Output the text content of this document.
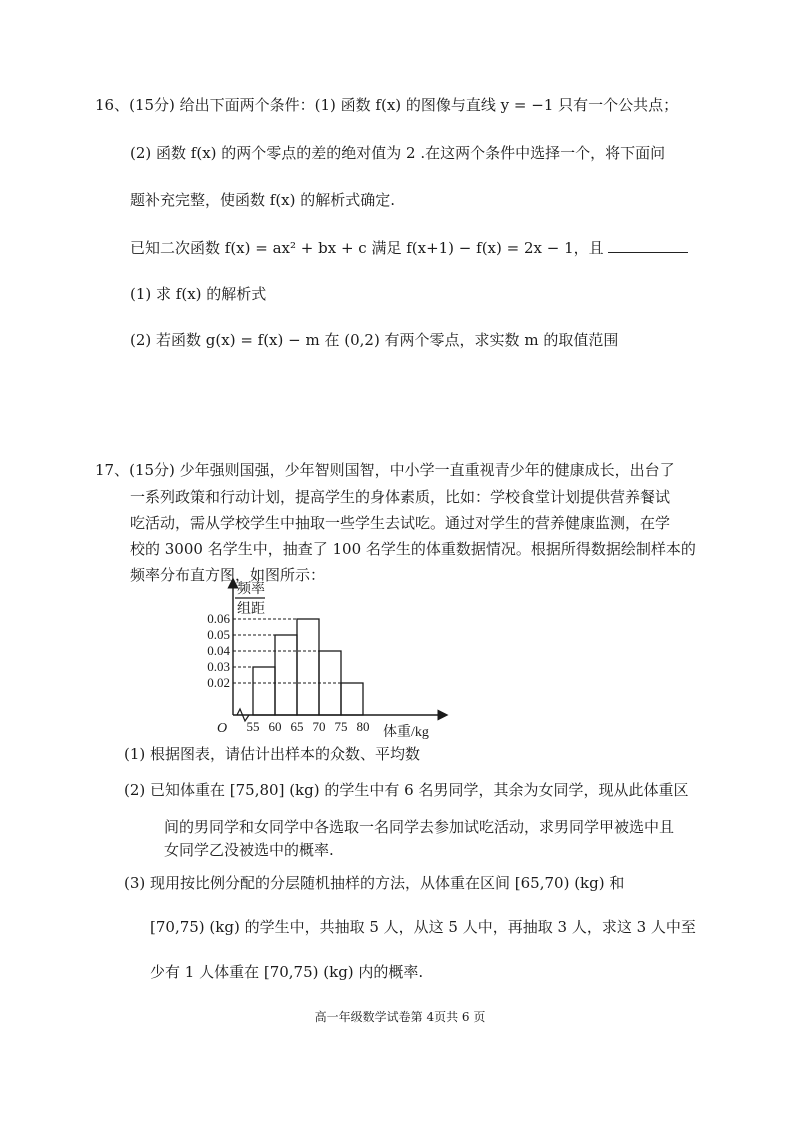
16、(15分) 给出下面两个条件：(1) 函数 f(x) 的图像与直线 y = −1 只有一个公共点；
(2) 函数 f(x) 的两个零点的差的绝对值为 2 .在这两个条件中选择一个，将下面问
题补充完整，使函数 f(x) 的解析式确定.
已知二次函数 f(x) = ax² + bx + c 满足 f(x+1) − f(x) = 2x − 1，且
(1) 求 f(x) 的解析式
(2) 若函数 g(x) = f(x) − m 在 (0,2) 有两个零点，求实数 m 的取值范围
17、(15分) 少年强则国强，少年智则国智，中小学一直重视青少年的健康成长，出台了
一系列政策和行动计划，提高学生的身体素质，比如：学校食堂计划提供营养餐试
吃活动，需从学校学生中抽取一些学生去试吃。通过对学生的营养健康监测，在学
校的 3000 名学生中，抽查了 100 名学生的体重数据情况。根据所得数据绘制样本的
频率分布直方图，如图所示：
0.02
0.03
0.04
0.05
0.06
55 60 65 70 75 80
频率
组距
体重/kg
O
(1) 根据图表，请估计出样本的众数、平均数
(2) 已知体重在 [75,80] (kg) 的学生中有 6 名男同学，其余为女同学，现从此体重区
间的男同学和女同学中各选取一名同学去参加试吃活动，求男同学甲被选中且
女同学乙没被选中的概率.
(3) 现用按比例分配的分层随机抽样的方法，从体重在区间 [65,70) (kg) 和
[70,75) (kg) 的学生中，共抽取 5 人，从这 5 人中，再抽取 3 人，求这 3 人中至
少有 1 人体重在 [70,75) (kg) 内的概率.
高一年级数学试卷第 4页共 6 页
